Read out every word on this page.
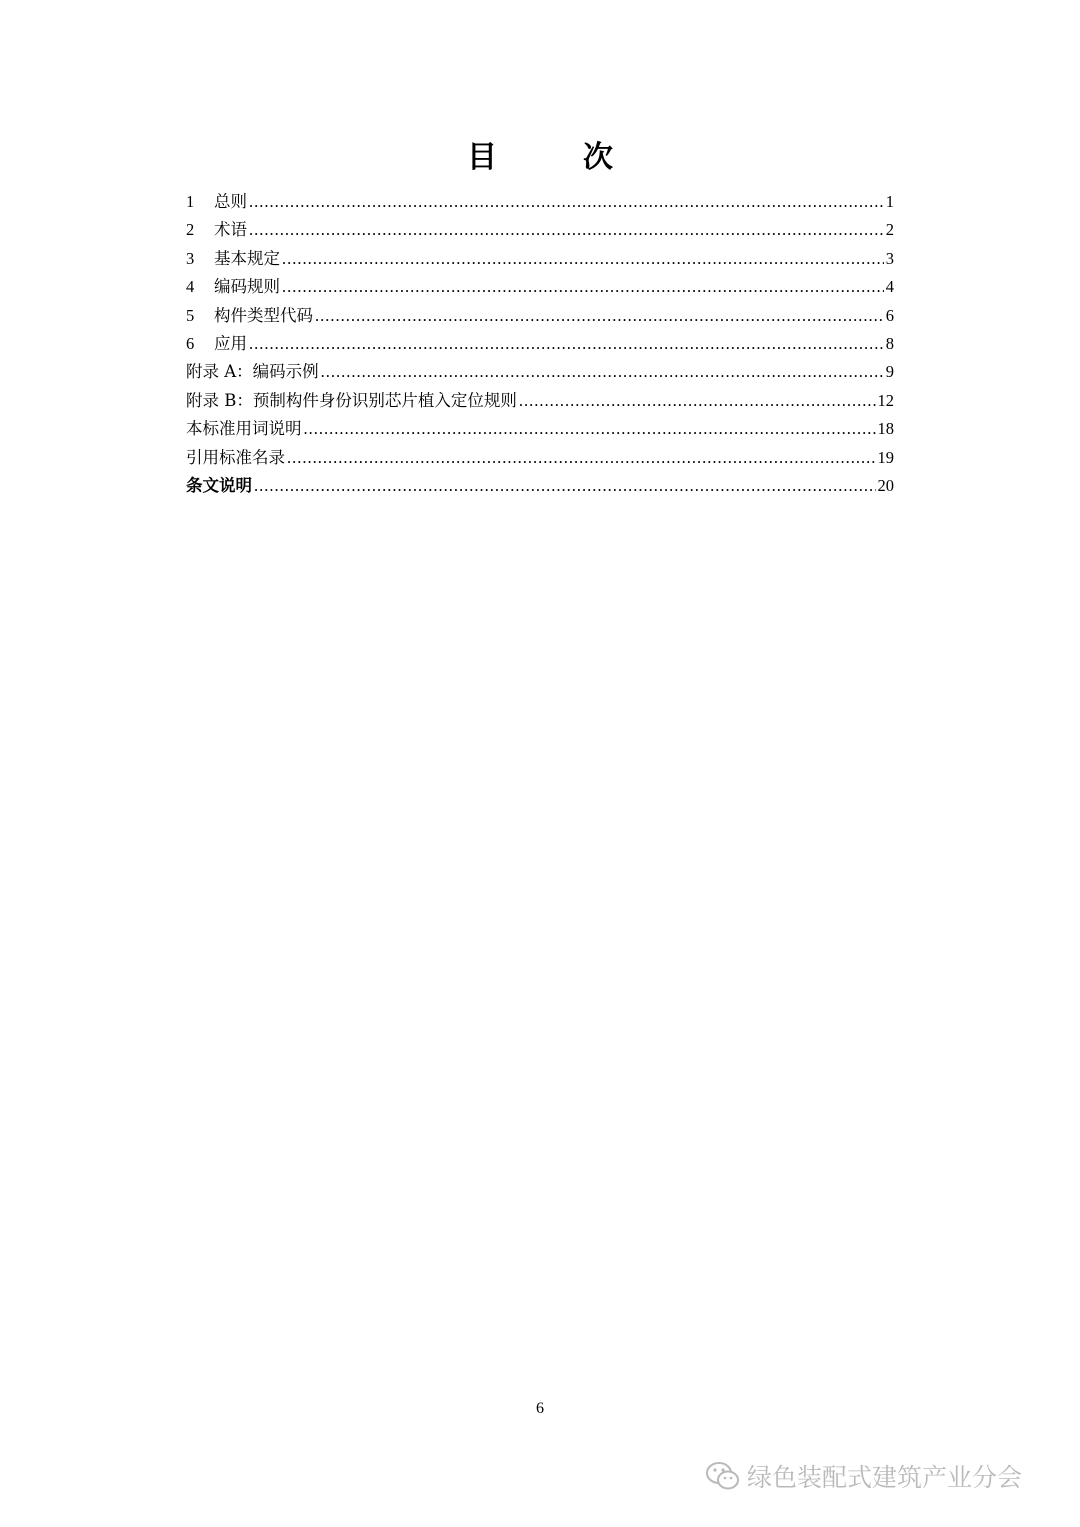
目　次
1	总则 .....	1
2	术语 .....	2
3	基本规定 .....	3
4	编码规则 .....	4
5	构件类型代码 .....	6
6	应用 .....	8
附录 A：编码示例 .....	9
附录 B：预制构件身份识别芯片植入定位规则 .....	12
本标准用词说明 .....	18
引用标准名录 .....	19
条文说明 .....	20
6
绿色装配式建筑产业分会
